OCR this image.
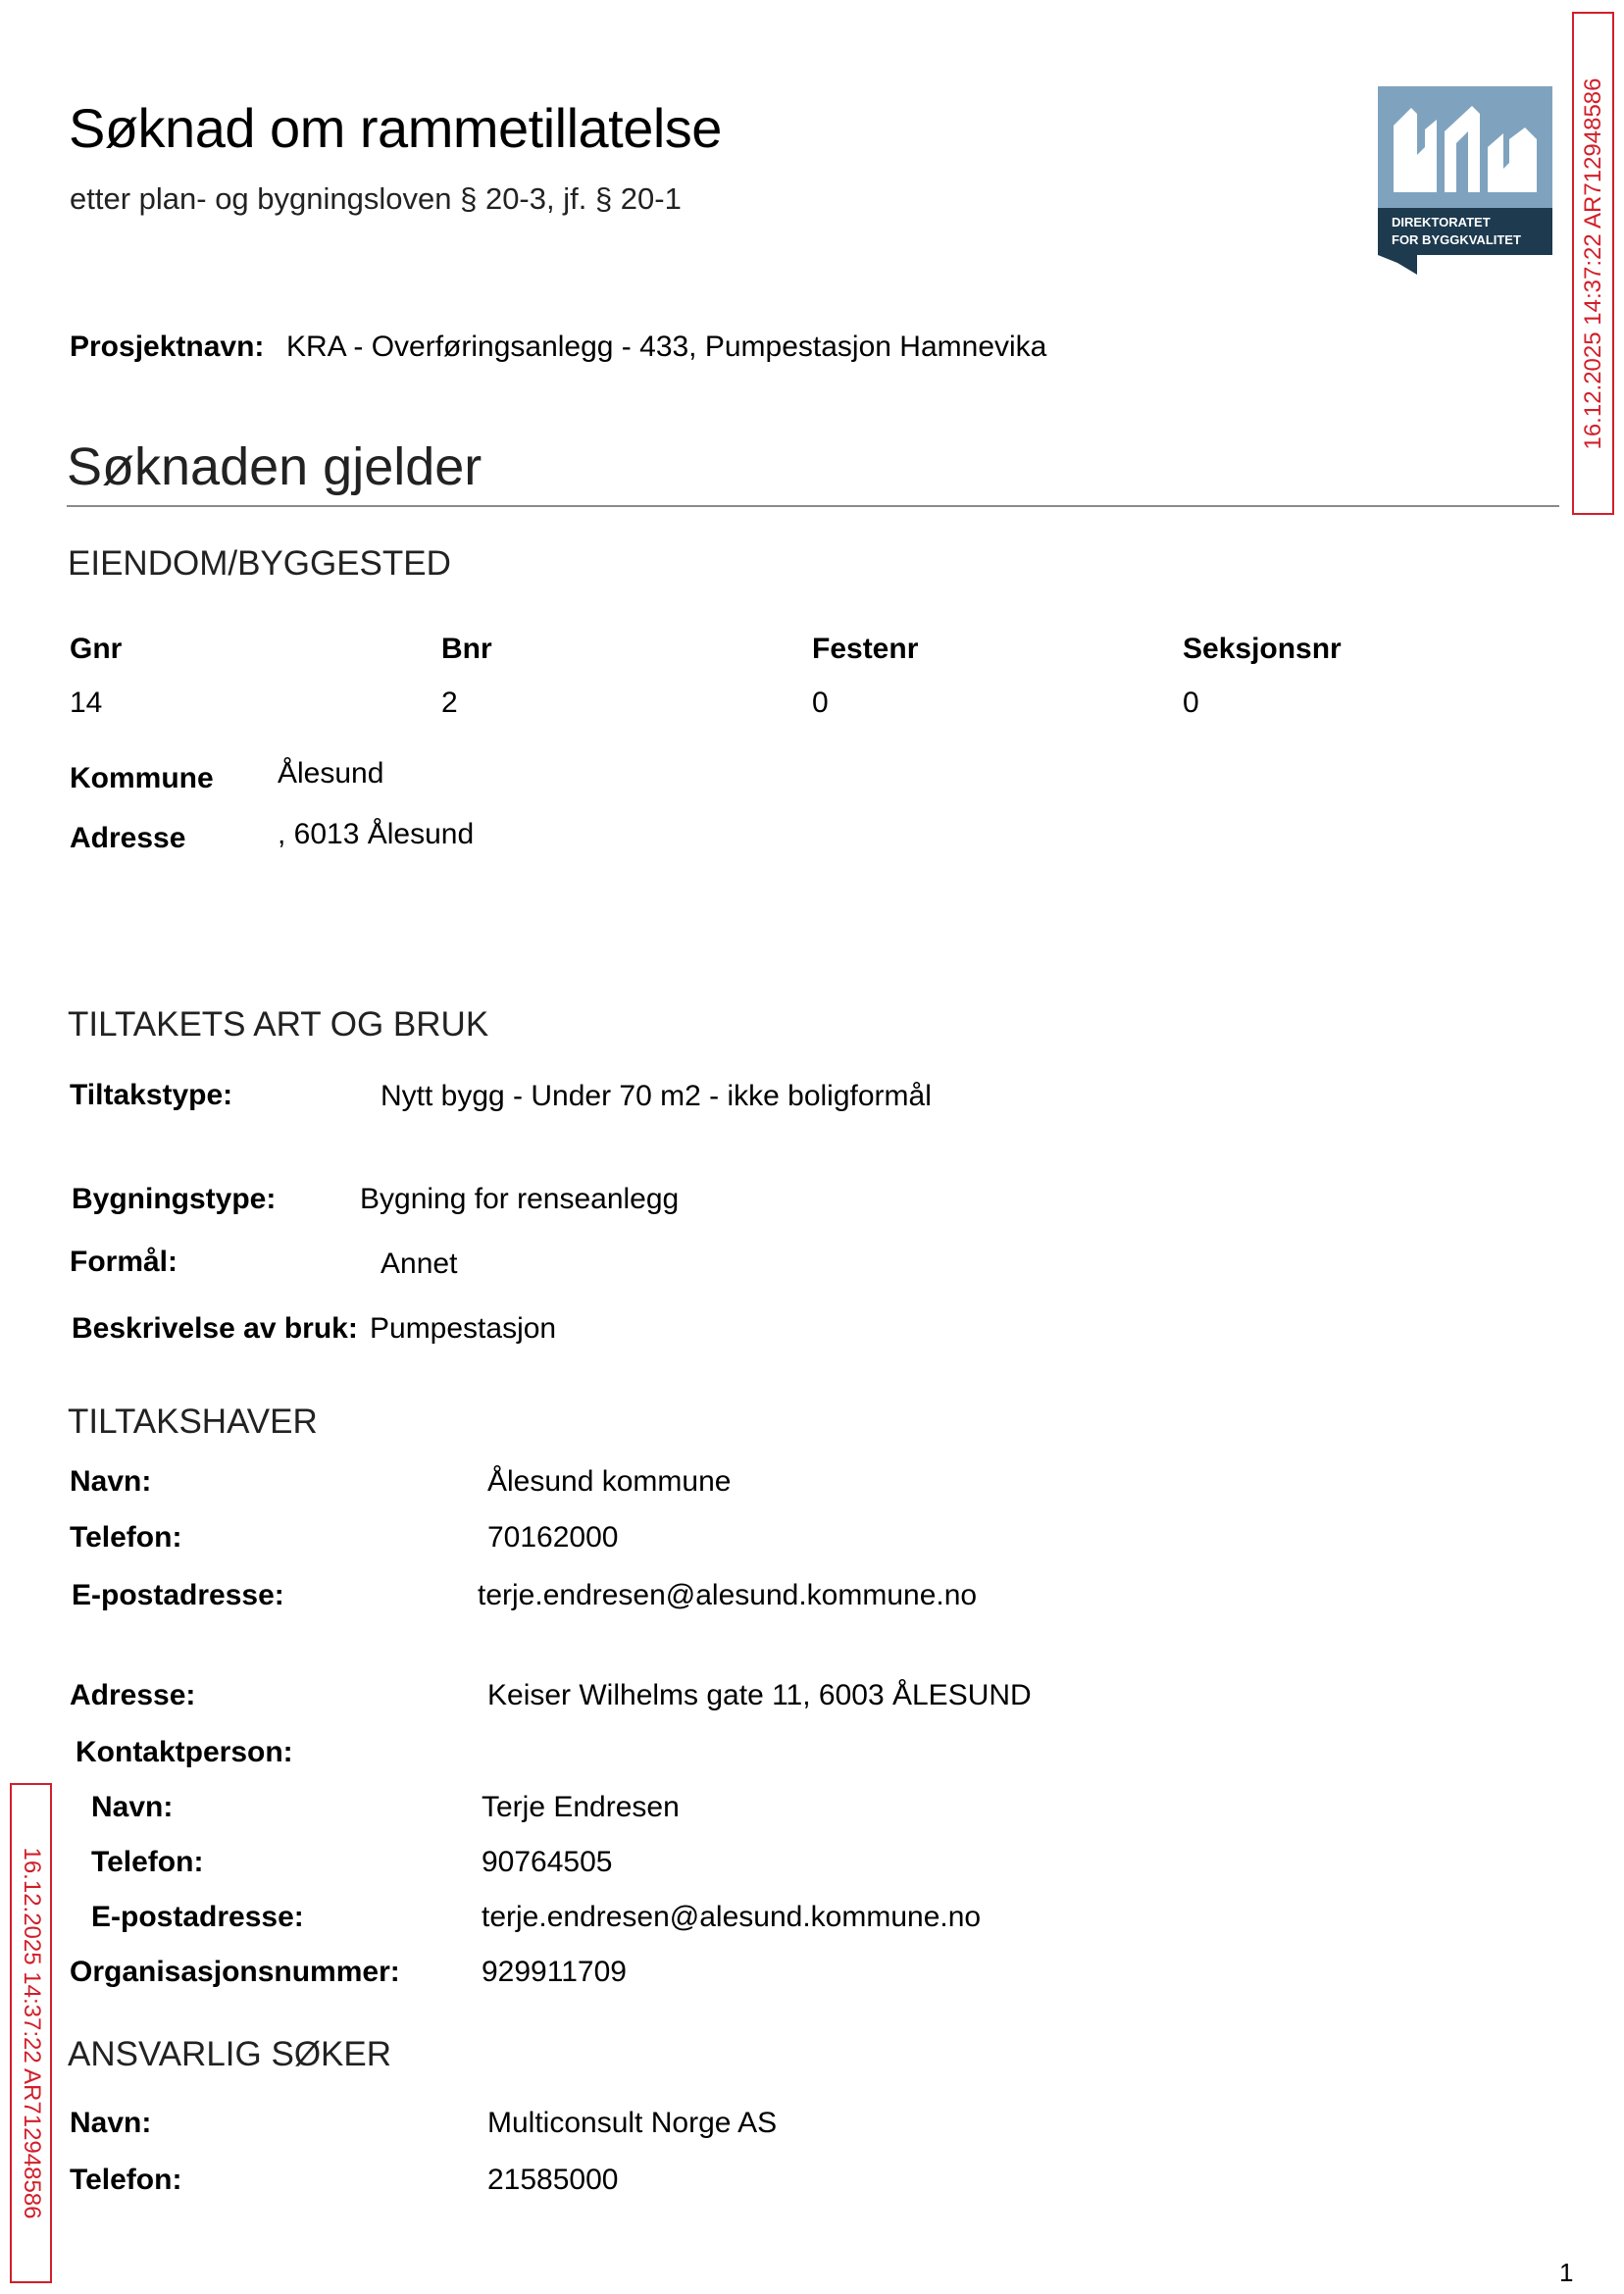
Søknad om rammetillatelse
etter plan- og bygningsloven § 20-3, jf. § 20-1
DIREKTORATET
FOR BYGGKVALITET 16.12.2025 14:37:22 AR712948586
16.12.2025 14:37:22 AR712948586
Prosjektnavn: KRA - Overføringsanlegg - 433, Pumpestasjon Hamnevika
Søknaden gjelder
EIENDOM/BYGGESTED
Gnr	Bnr	Festenr	Seksjonsnr
14	2	0	0
Kommune Ålesund
Adresse	, 6013 Ålesund
TILTAKETS ART OG BRUK
Tiltakstype:	Nytt bygg - Under 70 m2 - ikke boligformål
Bygningstype:	Bygning for renseanlegg
Formål:	Annet
Beskrivelse av bruk: Pumpestasjon
TILTAKSHAVER
Navn:	Ålesund kommune
Telefon:	70162000
E-postadresse:	terje.endresen@alesund.kommune.no
Adresse:	Keiser Wilhelms gate 11, 6003 ÅLESUND
Kontaktperson:
Navn:	Terje Endresen
Telefon:	90764505
E-postadresse:	terje.endresen@alesund.kommune.no
Organisasjonsnummer:	929911709
ANSVARLIG SØKER
Navn:	Multiconsult Norge AS
Telefon:	21585000
1
